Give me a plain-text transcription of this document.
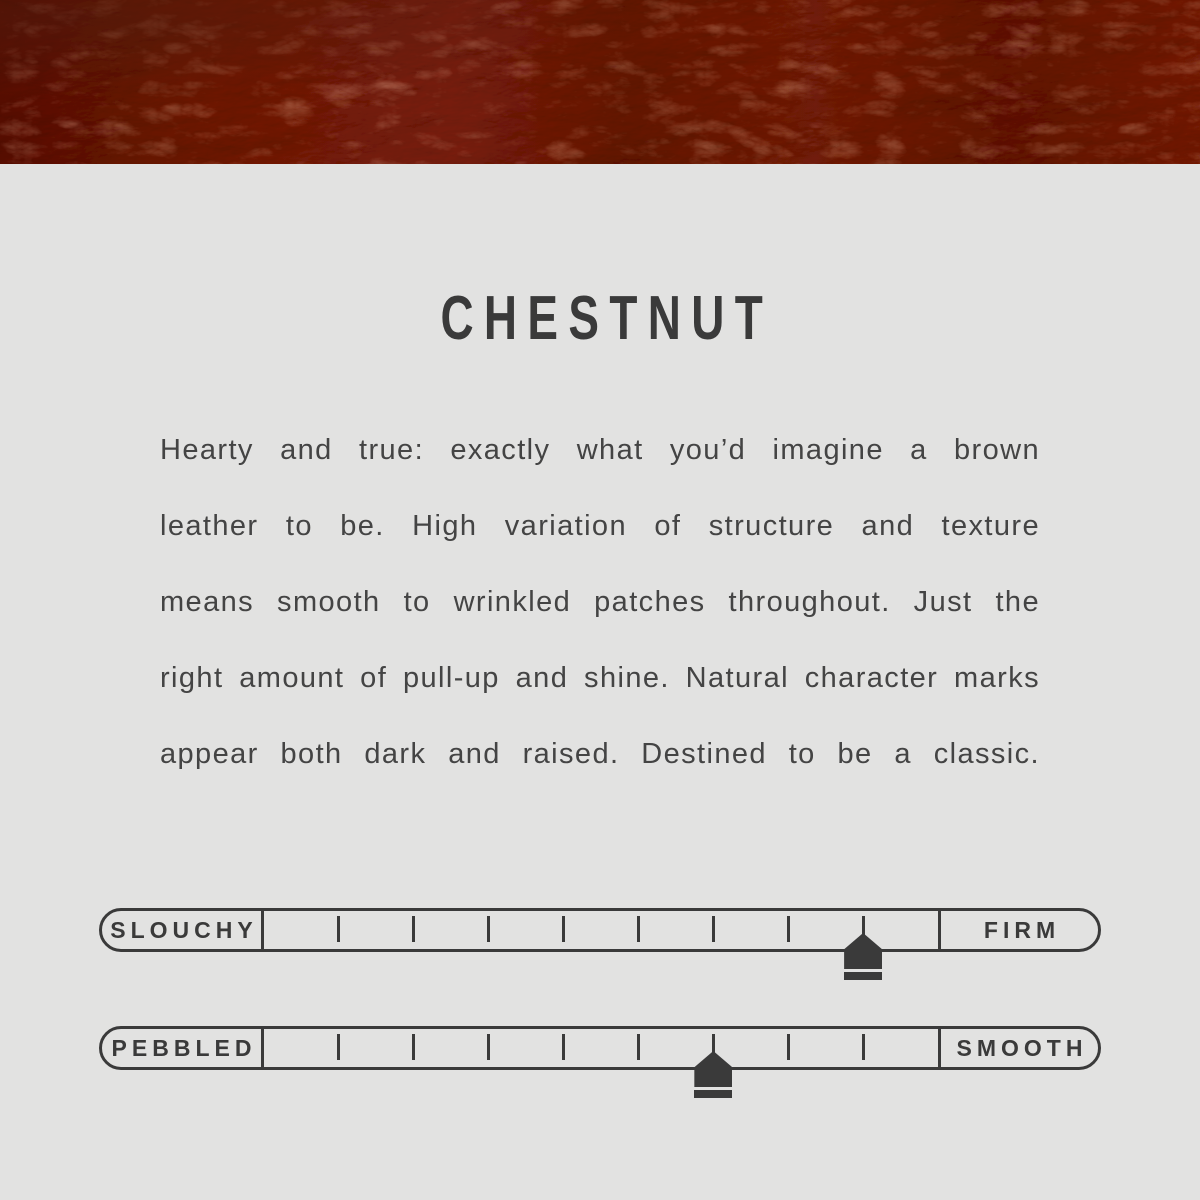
CHESTNUT

Hearty and true: exactly what you’d imagine a brown leather to be. High variation of structure and texture means smooth to wrinkled patches throughout. Just the right amount of pull-up and shine. Natural character marks appear both dark and raised. Destined to be a classic.

SLOUCHY	FIRM
PEBBLED	SMOOTH
